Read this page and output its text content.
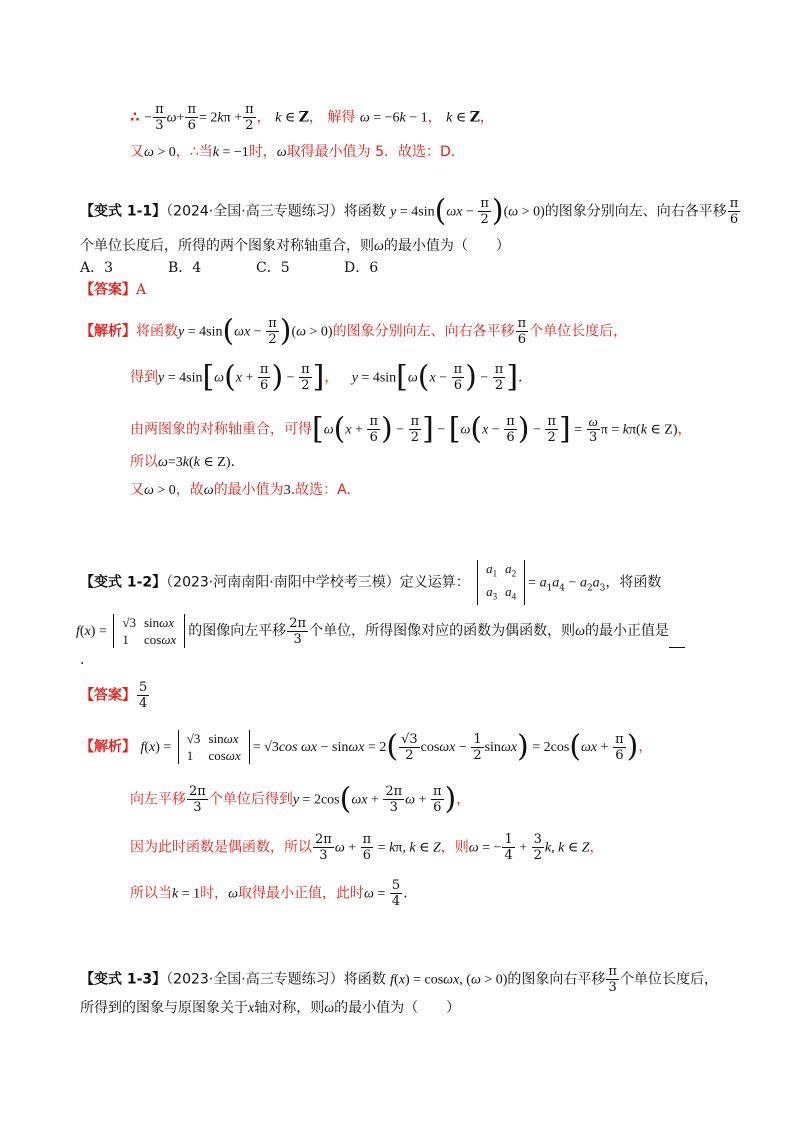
∴ − $\frac{\pi}{3} \omega+ \frac{\pi}{6} = 2k\pi + \frac{\pi}{2}$ ， k ∈ Z， 解得 ω = −6k − 1， k ∈ Z，
又ω > 0，∴当k = −1时，ω取得最小值为 5．故选：D.
【变式 1-1】（2024·全国·高三专题练习）将函数 $y = 4\sin(\omega x - \frac{\pi}{2} )(\omega > 0)$的图象分别向左、向右各平移 $\frac{\pi}{6}$
个单位长度后，所得的两个图象对称轴重合，则ω的最小值为（　　）
A．3	B．4	C．5	D．6
【答案】A
【解析】将函数$y = 4\sin(\omega x - \frac{\pi}{2} )(\omega > 0)$的图象分别向左、向右各平移 $\frac{\pi}{6}$ 个单位长度后，
得到$y = 4\sin[\omega(x + \frac{\pi}{6}$ ) − $\frac{\pi}{2}$ ]，   $y = 4\sin[\omega(x - \frac{\pi}{6}$ ) − $\frac{\pi}{2}$ ].
由两图象的对称轴重合，可得[$\omega(x + \frac{\pi}{6}$ ) − $\frac{\pi}{2}$ ] − [$\omega(x - \frac{\pi}{6}$ ) − $\frac{\pi}{2}$ ] = $\frac{\omega}{3}$ π = kπ(k ∈ Z)，
所以ω=3k(k ∈ Z).
又ω > 0，故ω的最小值为3.故选：A.
【变式 1-2】（2023·河南南阳·南阳中学校考三模）定义运算：
$a_1$	$a_2$
$a_3$	$a_4$
= $a_1a_4 - a_2a_3$，将函数
f(x) =
√3	sinωx
1	cosωx
的图像向左平移 $\frac{2\pi}{3}$ 个单位，所得图像对应的函数为偶函数，则ω的最小正值是
.
【答案】 $\frac{5}{4}$
【解析】 f(x) =
√3	sinωx
1	cosωx
= √3cos $\omega x - \sin\omega x = 2( \frac{√3}{2}$ $\cos\omega x - \frac{1}{2} \sin\omega x) = 2\cos(\omega x + \frac{\pi}{6}$ )，
向左平移 $\frac{2\pi}{3}$ 个单位后得到$y = 2\cos(\omega x + \frac{2\pi}{3}$ $\omega + \frac{\pi}{6}$ )，
因为此时函数是偶函数，所以 $\frac{2\pi}{3}$ $\omega + \frac{\pi}{6} = k\pi$, k ∈ Z，则ω = − $\frac{1}{4} + \frac{3}{2} k$, k ∈ Z，
所以当k = 1时，ω取得最小正值，此时$\omega = \frac{5}{4}$ .
【变式 1-3】（2023·全国·高三专题练习）将函数 f(x) = cosωx, (ω > 0)的图象向右平移 $\frac{\pi}{3}$ 个单位长度后，
所得到的图象与原图象关于x轴对称，则ω的最小值为（　　）
